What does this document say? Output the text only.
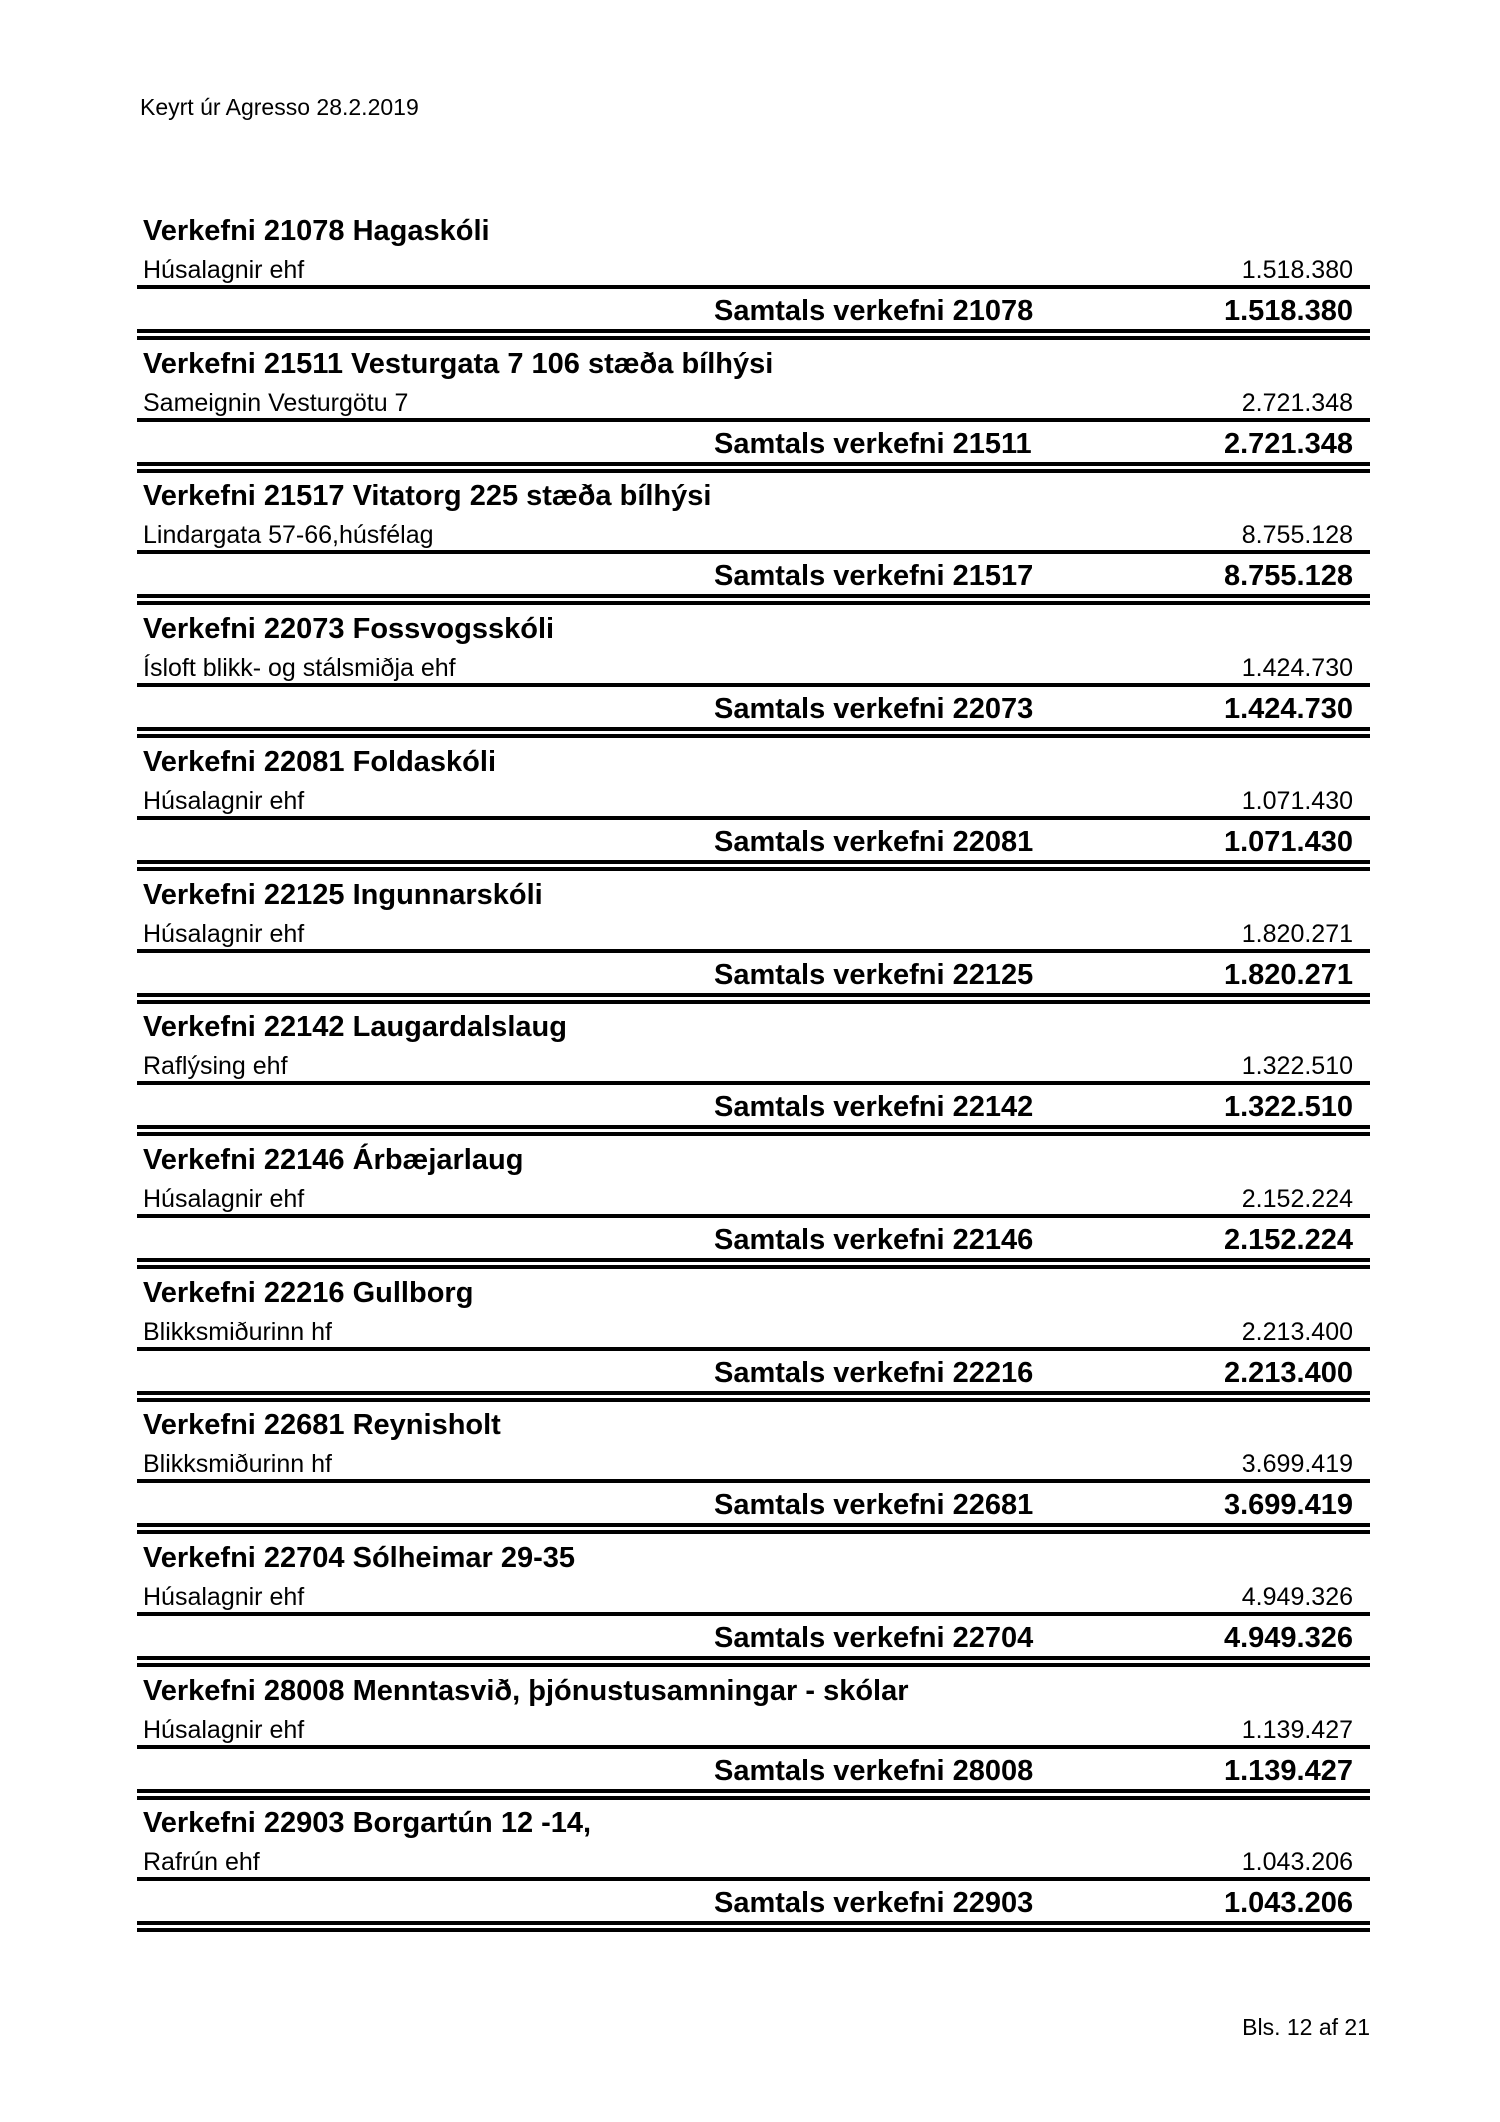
Keyrt úr Agresso 28.2.2019
Verkefni 21078 Hagaskóli
Húsalagnir ehf	1.518.380
Samtals verkefni 21078	1.518.380
Verkefni 21511 Vesturgata 7 106 stæða bílhýsi
Sameignin Vesturgötu 7	2.721.348
Samtals verkefni 21511	2.721.348
Verkefni 21517 Vitatorg 225 stæða bílhýsi
Lindargata 57-66,húsfélag	8.755.128
Samtals verkefni 21517	8.755.128
Verkefni 22073 Fossvogsskóli
Ísloft blikk- og stálsmiðja ehf	1.424.730
Samtals verkefni 22073	1.424.730
Verkefni 22081 Foldaskóli
Húsalagnir ehf	1.071.430
Samtals verkefni 22081	1.071.430
Verkefni 22125 Ingunnarskóli
Húsalagnir ehf	1.820.271
Samtals verkefni 22125	1.820.271
Verkefni 22142 Laugardalslaug
Raflýsing ehf	1.322.510
Samtals verkefni 22142	1.322.510
Verkefni 22146 Árbæjarlaug
Húsalagnir ehf	2.152.224
Samtals verkefni 22146	2.152.224
Verkefni 22216 Gullborg
Blikksmiðurinn hf	2.213.400
Samtals verkefni 22216	2.213.400
Verkefni 22681 Reynisholt
Blikksmiðurinn hf	3.699.419
Samtals verkefni 22681	3.699.419
Verkefni 22704 Sólheimar 29-35
Húsalagnir ehf	4.949.326
Samtals verkefni 22704	4.949.326
Verkefni 28008 Menntasvið, þjónustusamningar - skólar
Húsalagnir ehf	1.139.427
Samtals verkefni 28008	1.139.427
Verkefni 22903 Borgartún 12 -14,
Rafrún ehf	1.043.206
Samtals verkefni 22903	1.043.206
Bls. 12 af 21
